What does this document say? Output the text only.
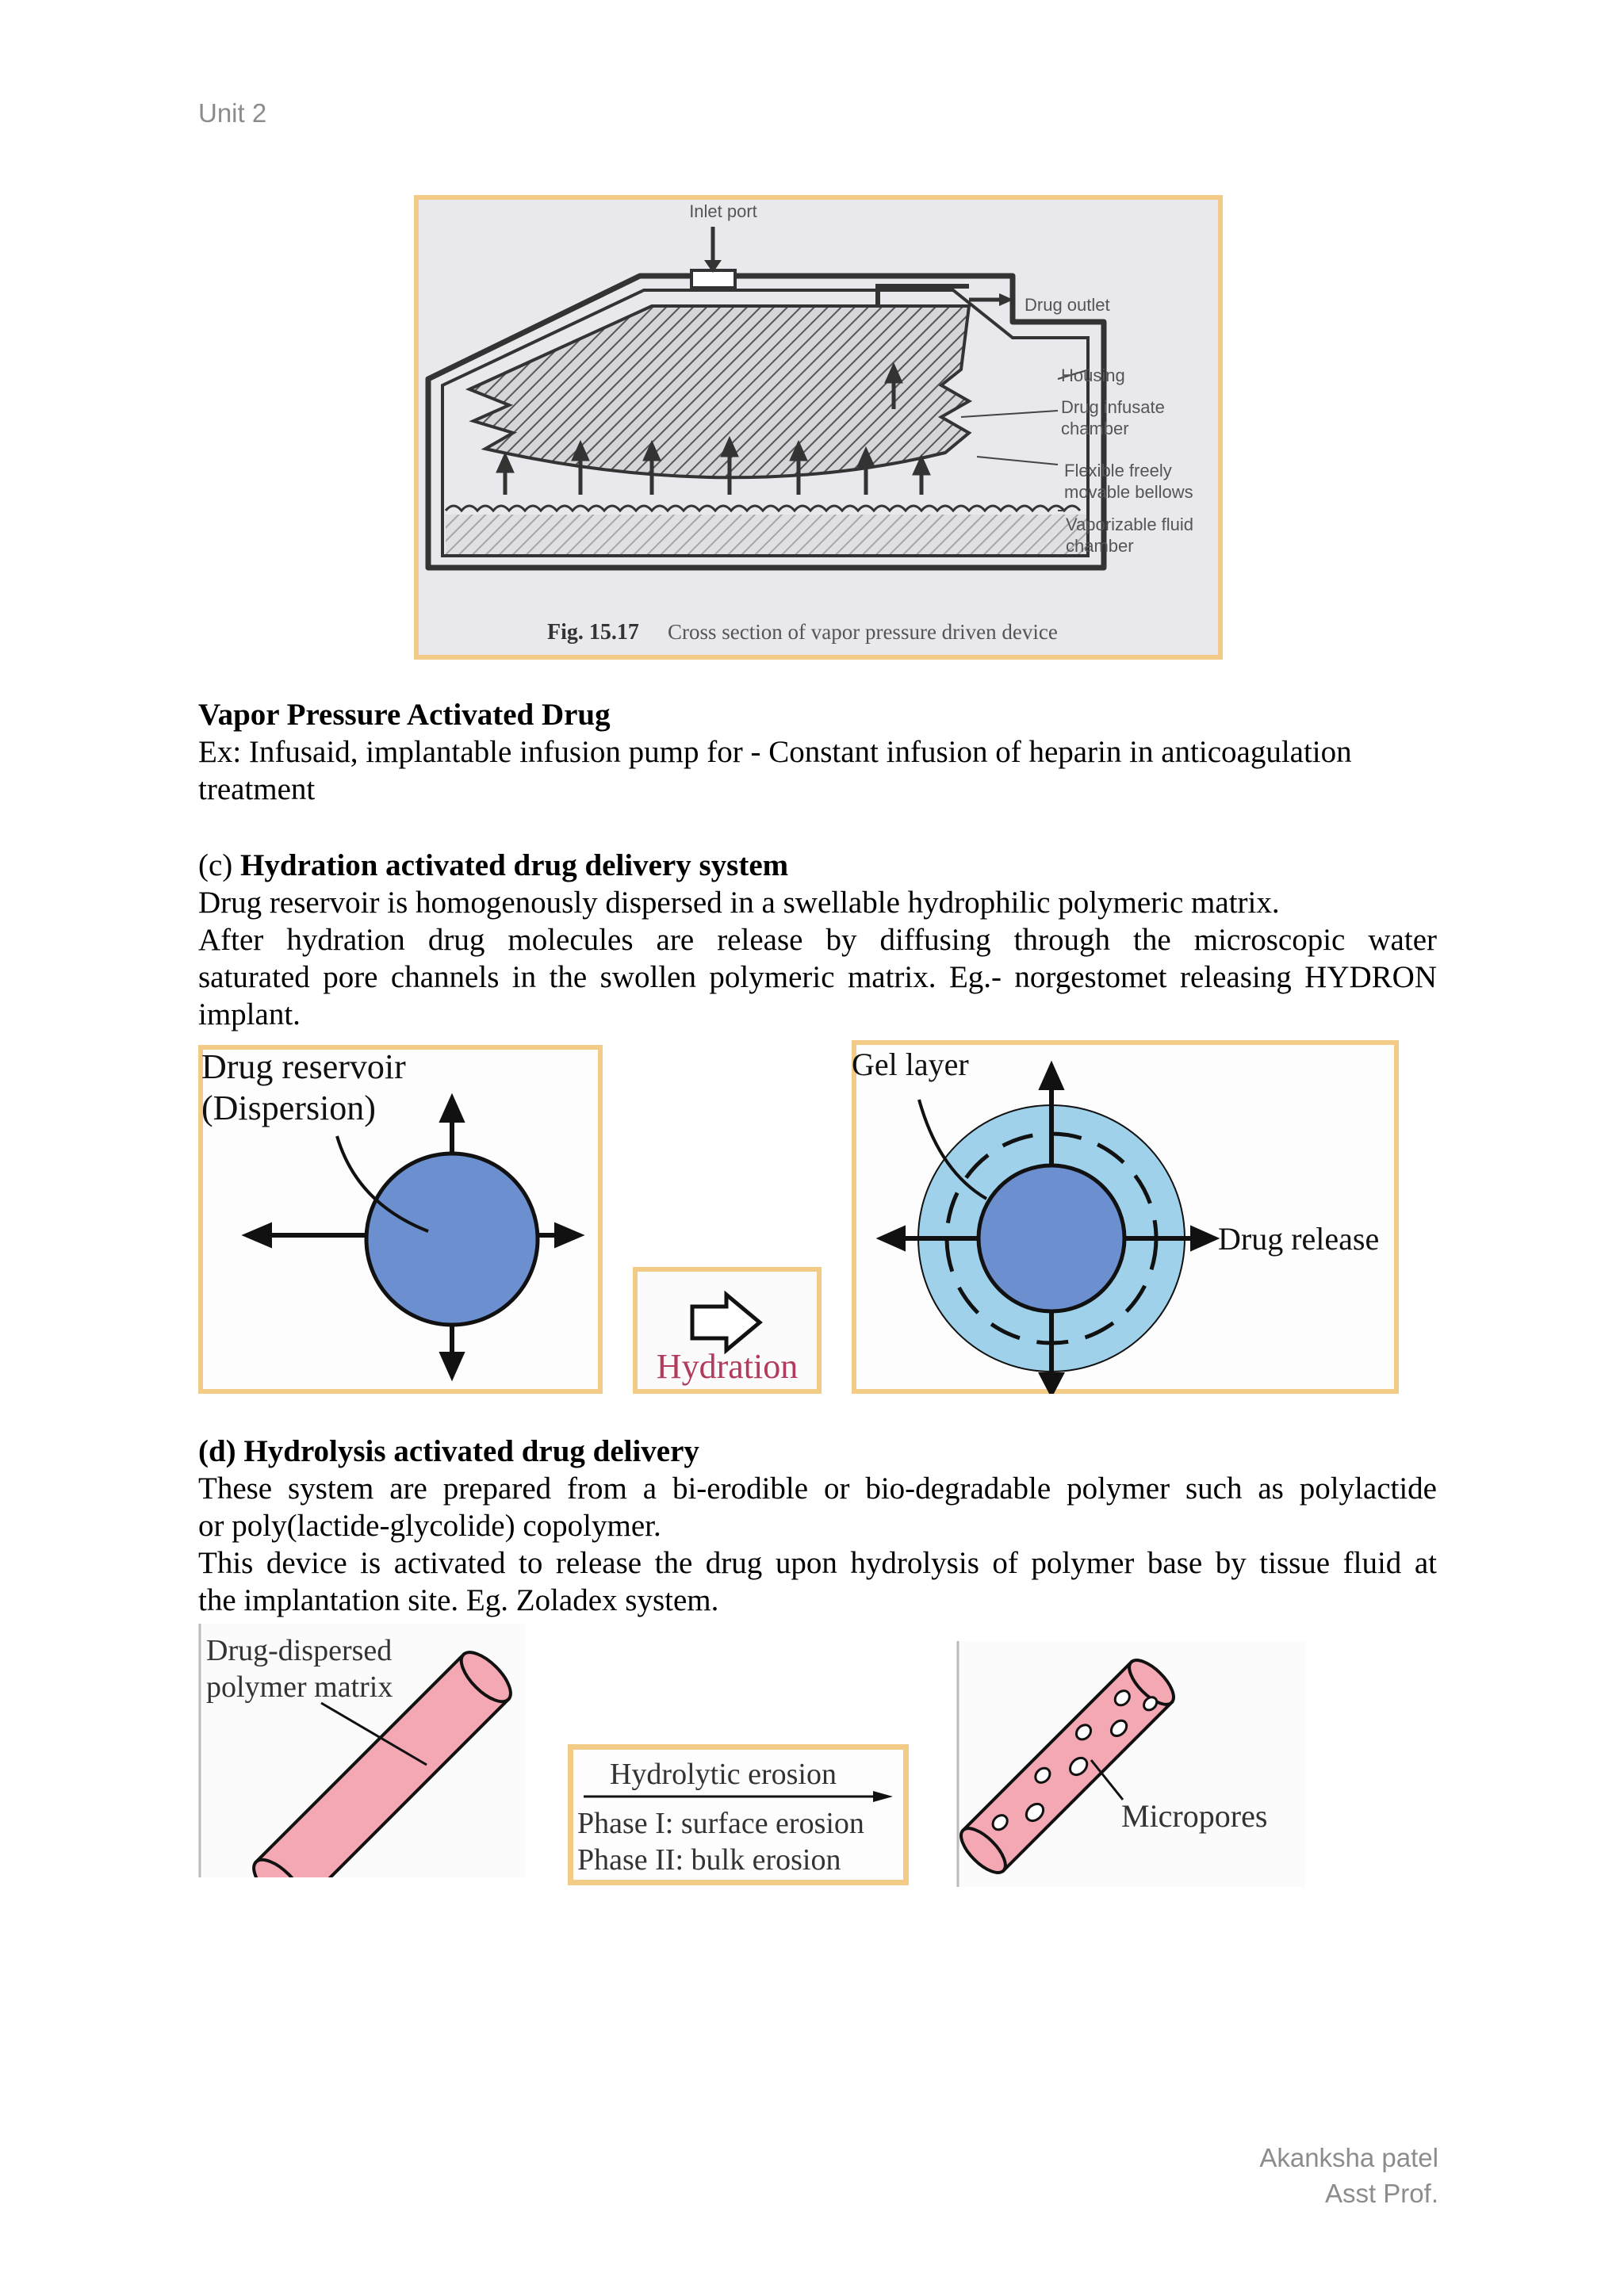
Unit 2
Inlet port
Drug outlet
Housing
Drug infusate
chamber
Flexible freely
movable bellows
Vaporizable fluid
chamber
Fig. 15.17 Cross section of vapor pressure driven device
Vapor Pressure Activated Drug
Ex: Infusaid, implantable infusion pump for - Constant infusion of heparin in anticoagulation
treatment
(c) Hydration activated drug delivery system
Drug reservoir is homogenously dispersed in a swellable hydrophilic polymeric matrix.
After hydration drug molecules are release by diffusing through the microscopic water
saturated pore channels in the swollen polymeric matrix. Eg.- norgestomet releasing HYDRON
implant.
Drug reservoir
(Dispersion)
Hydration
Gel layer
Drug release
(d) Hydrolysis activated drug delivery
These system are prepared from a bi-erodible or bio-degradable polymer such as polylactide
or poly(lactide-glycolide) copolymer.
This device is activated to release the drug upon hydrolysis of polymer base by tissue fluid at
the implantation site. Eg. Zoladex system.
Drug-dispersed
polymer matrix
Hydrolytic erosion
Phase I: surface erosion
Phase II: bulk erosion
Micropores
Akanksha patel
Asst Prof.
